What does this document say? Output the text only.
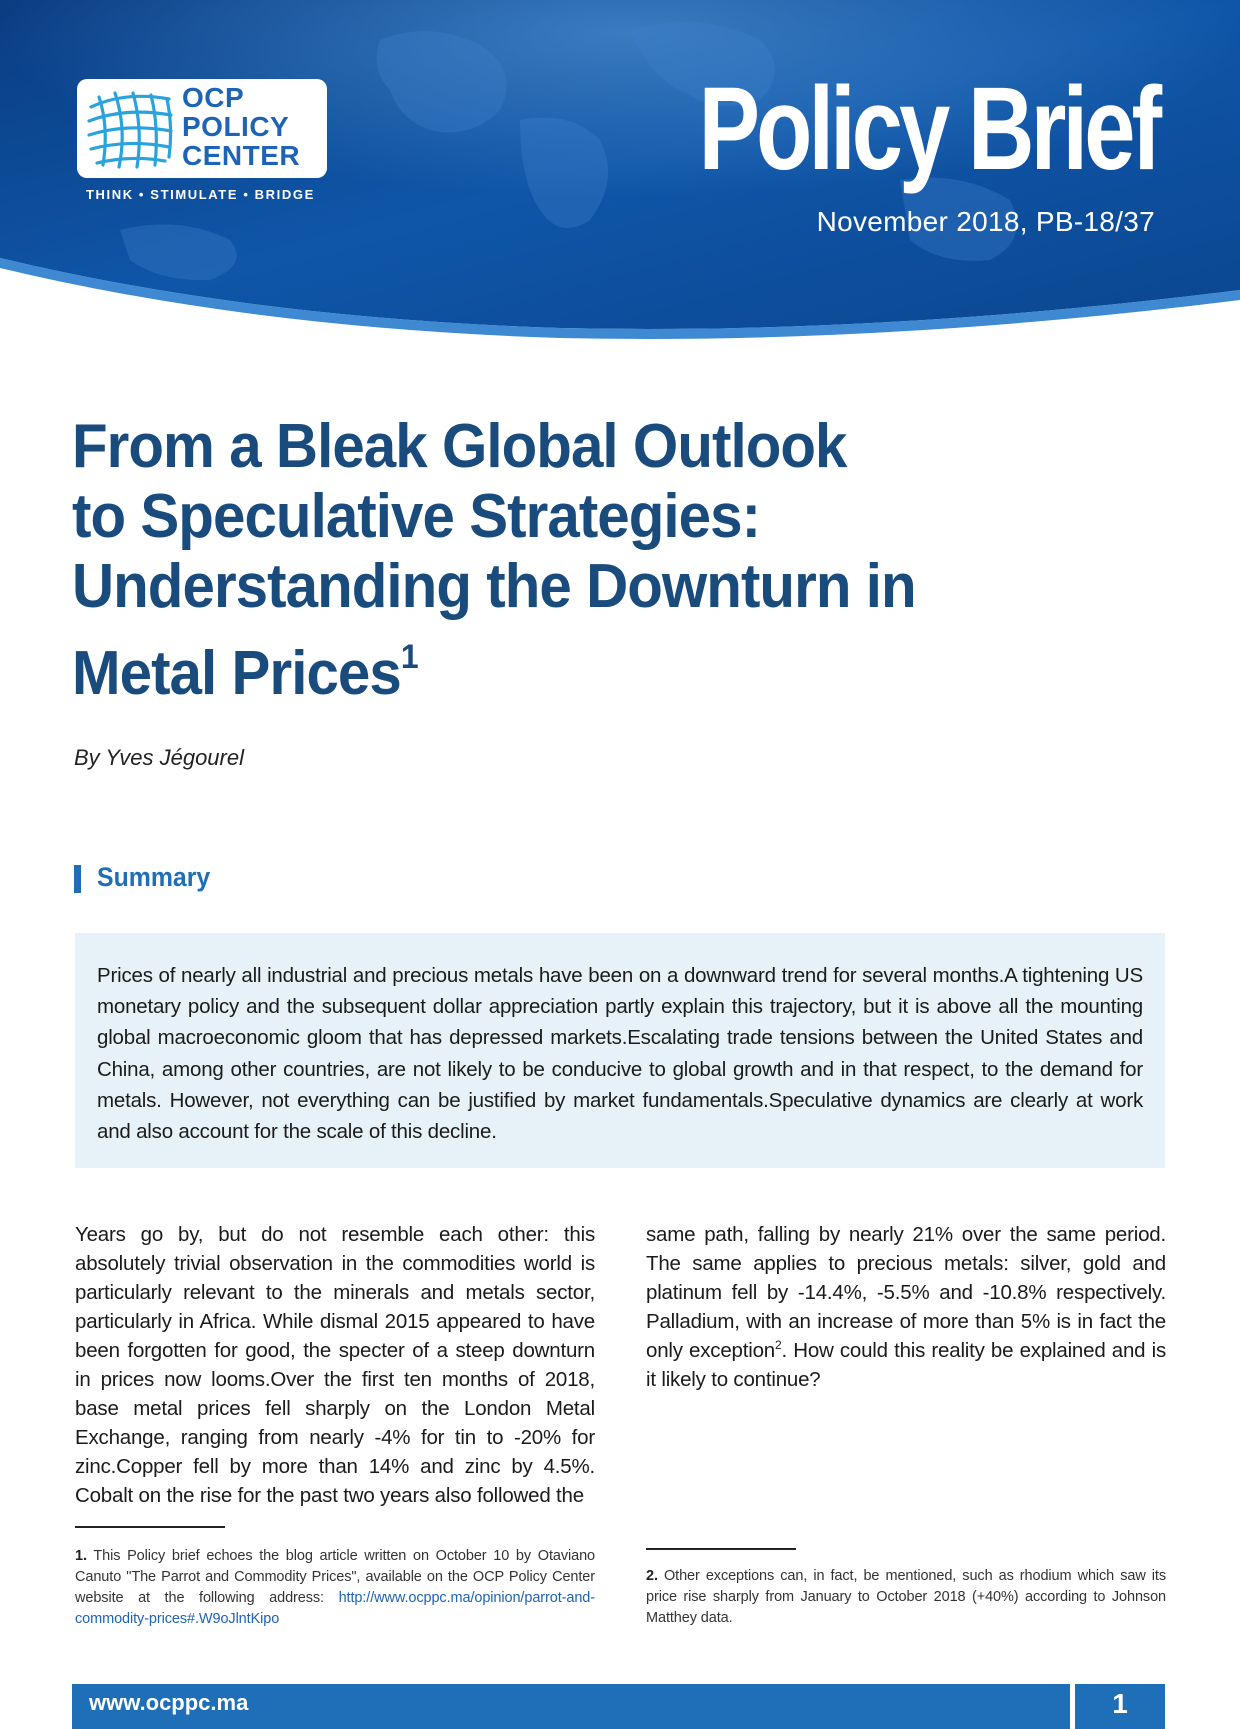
OCP
POLICY
CENTER
THINK • STIMULATE • BRIDGE	Policy Brief
November 2018, PB-18/37
From a Bleak Global Outlook
to Speculative Strategies:
Understanding the Downturn in
Metal Prices$^1$
By Yves Jégourel
Summary

Prices of nearly all industrial and precious metals have been on a downward trend for several months.A tightening US monetary policy and the subsequent dollar appreciation partly explain this trajectory, but it is above all the mounting global macroeconomic gloom that has depressed markets.Escalating trade tensions between the United States and China, among other countries, are not likely to be conducive to global growth and in that respect, to the demand for metals. However, not everything can be justified by market fundamentals.Speculative dynamics are clearly at work and also account for the scale of this decline.

Years go by, but do not resemble each other: this absolutely trivial observation in the commodities world is particularly relevant to the minerals and metals sector, particularly in Africa. While dismal 2015 appeared to have been forgotten for good, the specter of a steep downturn in prices now looms.Over the first ten months of 2018, base metal prices fell sharply on the London Metal Exchange, ranging from nearly -4% for tin to -20% for zinc.Copper fell by more than 14% and zinc by 4.5%. Cobalt on the rise for the past two years also followed the

same path, falling by nearly 21% over the same period. The same applies to precious metals: silver, gold and platinum fell by -14.4%, -5.5% and -10.8% respectively. Palladium, with an increase of more than 5% is in fact the only exception$^2$. How could this reality be explained and is it likely to continue?

1. This Policy brief echoes the blog article written on October 10 by Otaviano Canuto "The Parrot and Commodity Prices", available on the OCP Policy Center website at the following address: http://www.ocppc.ma/opinion/parrot-and-commodity-prices#.W9oJlntKipo

2. Other exceptions can, in fact, be mentioned, such as rhodium which saw its price rise sharply from January to October 2018 (+40%) according to Johnson Matthey data.

www.ocppc.ma	1
